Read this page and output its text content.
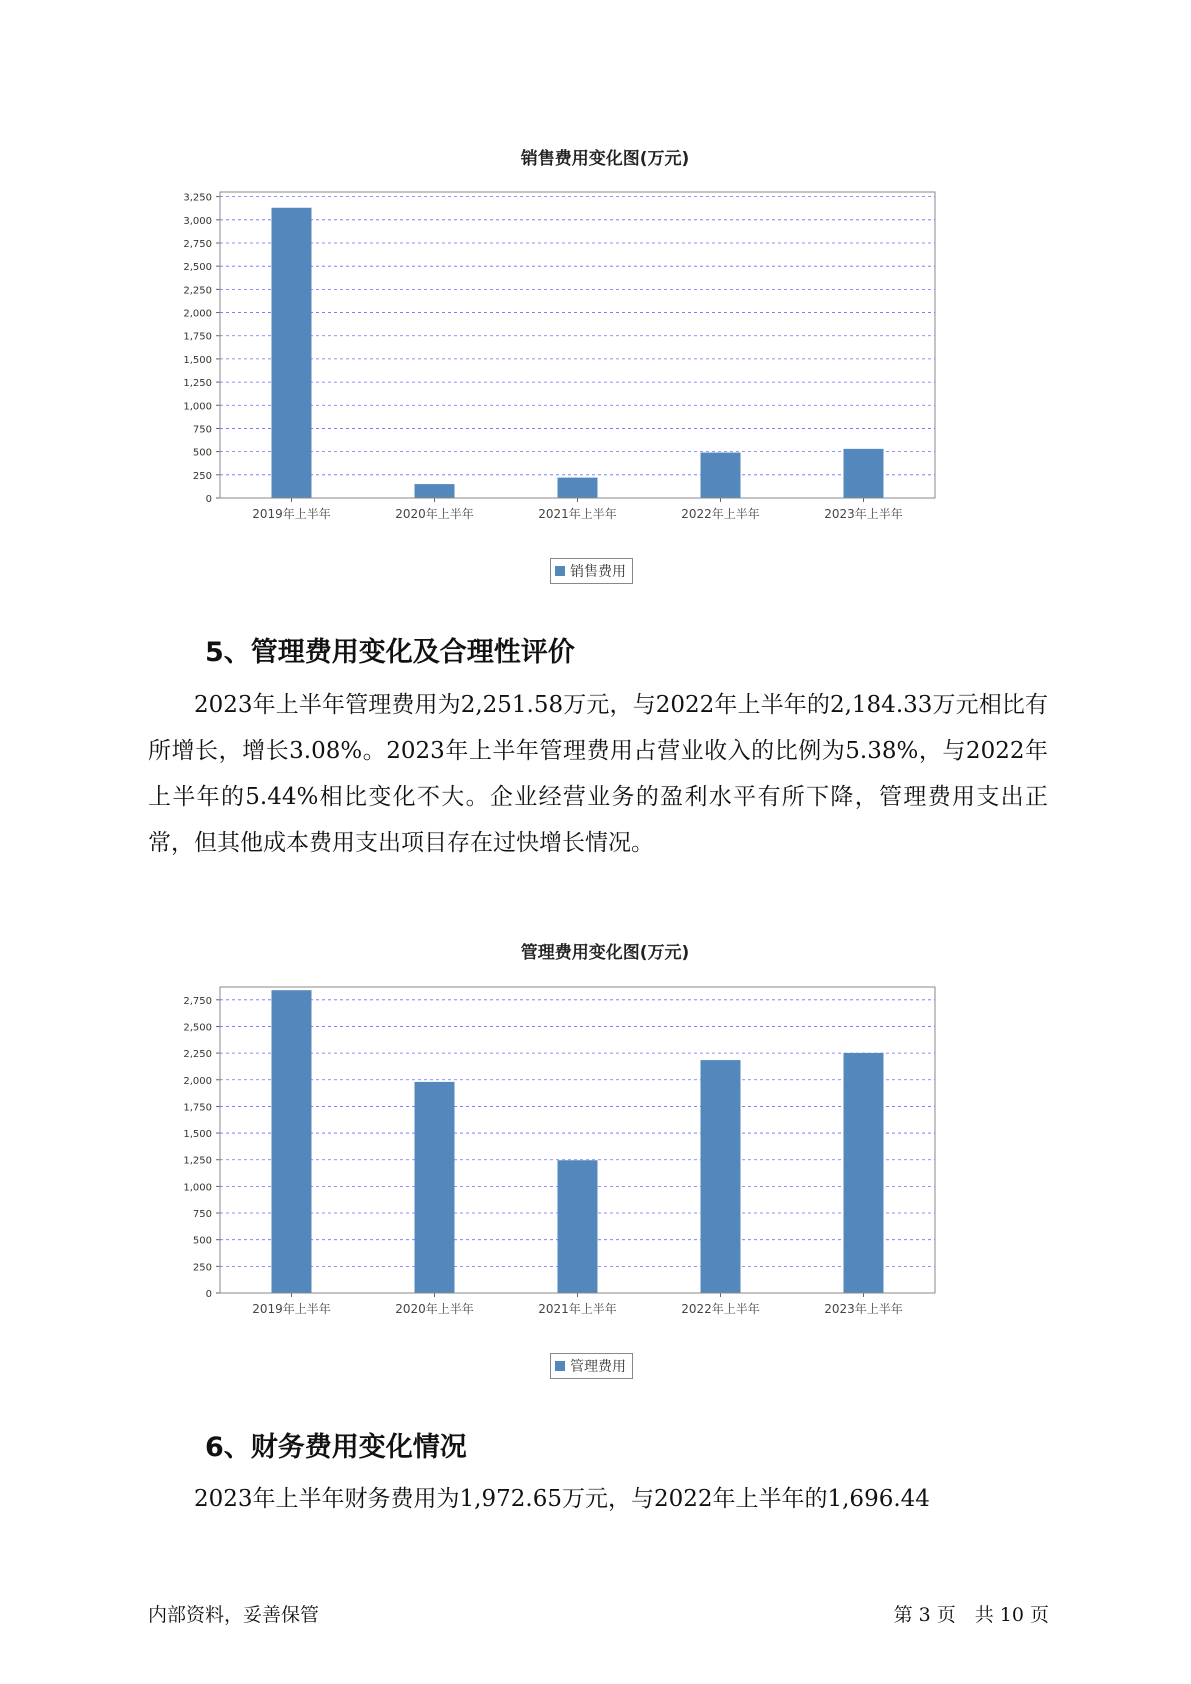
销售费用变化图(万元)
0
250
500
750
1,000
1,250
1,500
1,750
2,000
2,250
2,500
2,750
3,000
3,250
2019年上半年	2020年上半年	2021年上半年	2022年上半年	2023年上半年
销售费用
5、管理费用变化及合理性评价

2023年上半年管理费用为2,251.58万元，与2022年上半年的2,184.33万元相比有所增长，增长3.08%。2023年上半年管理费用占营业收入的比例为5.38%，与2022年上半年的5.44%相比变化不大。企业经营业务的盈利水平有所下降，管理费用支出正常，但其他成本费用支出项目存在过快增长情况。

管理费用变化图(万元)
0
250
500
750
1,000
1,250
1,500
1,750
2,000
2,250
2,500
2,750
2019年上半年	2020年上半年	2021年上半年	2022年上半年	2023年上半年
管理费用
6、财务费用变化情况

2023年上半年财务费用为1,972.65万元，与2022年上半年的1,696.44

内部资料，妥善保管	第 3 页　共 10 页
